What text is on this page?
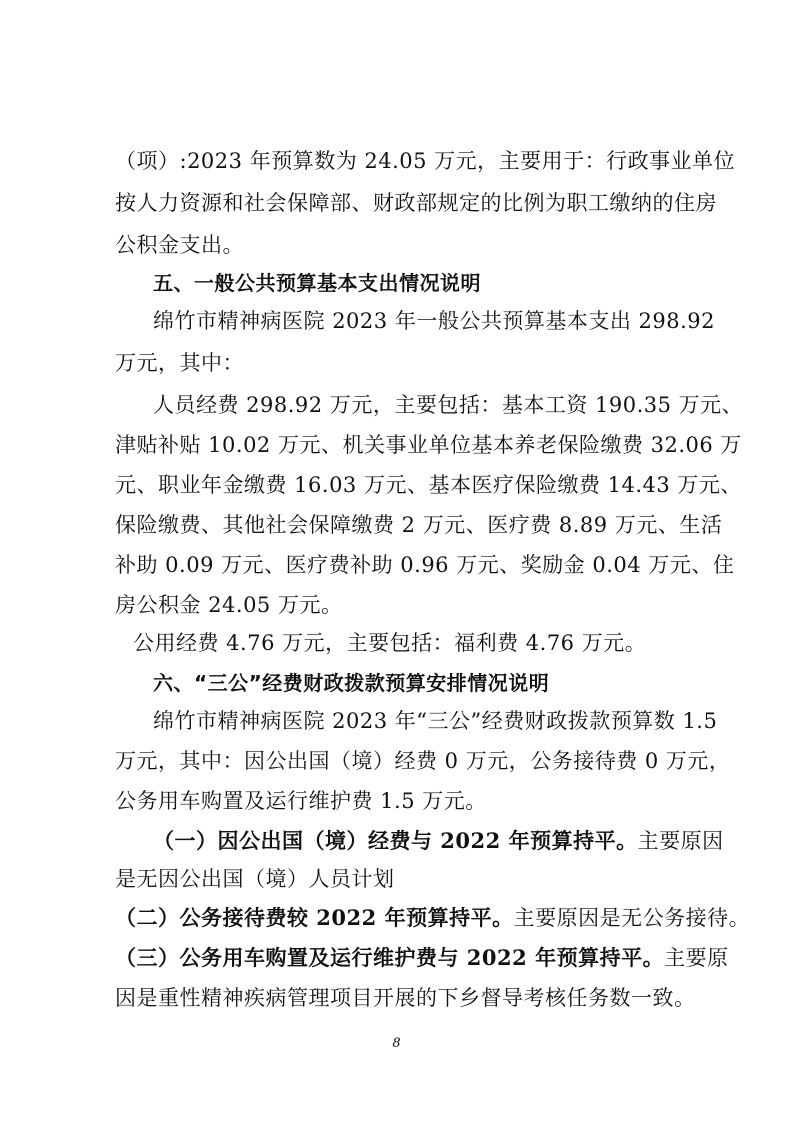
（项）:2023 年预算数为 24.05 万元，主要用于：行政事业单位
按人力资源和社会保障部、财政部规定的比例为职工缴纳的住房
公积金支出。
五、一般公共预算基本支出情况说明
绵竹市精神病医院 2023 年一般公共预算基本支出 298.92
万元，其中：
人员经费 298.92 万元，主要包括：基本工资 190.35 万元、
津贴补贴 10.02 万元、机关事业单位基本养老保险缴费 32.06 万
元、职业年金缴费 16.03 万元、基本医疗保险缴费 14.43 万元、
保险缴费、其他社会保障缴费 2 万元、医疗费 8.89 万元、生活
补助 0.09 万元、医疗费补助 0.96 万元、奖励金 0.04 万元、住
房公积金 24.05 万元。
公用经费 4.76 万元，主要包括：福利费 4.76 万元。
六、“三公”经费财政拨款预算安排情况说明
绵竹市精神病医院 2023 年“三公”经费财政拨款预算数 1.5
万元，其中：因公出国（境）经费 0 万元，公务接待费 0 万元，
公务用车购置及运行维护费 1.5 万元。
（一）因公出国（境）经费与 2022 年预算持平。主要原因
是无因公出国（境）人员计划
（二）公务接待费较 2022 年预算持平。主要原因是无公务接待。
（三）公务用车购置及运行维护费与 2022 年预算持平。主要原
因是重性精神疾病管理项目开展的下乡督导考核任务数一致。
8
